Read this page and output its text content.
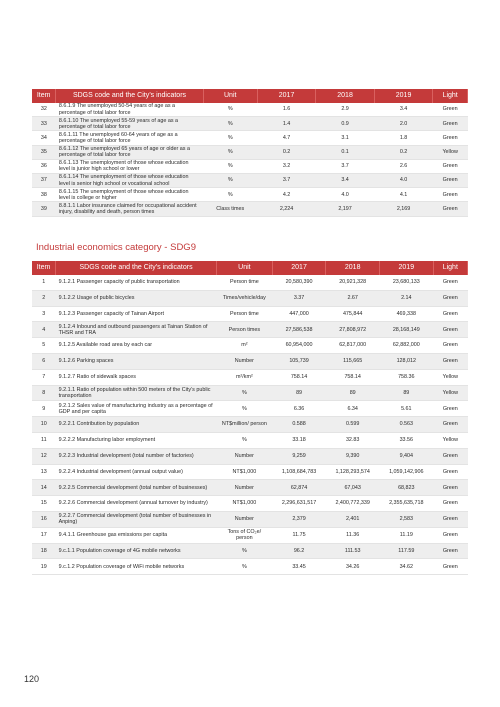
Item	SDGS code and the City’s indicators	Unit	2017	2018	2019	Light
32	8.6.1.9 The unemployed 50-54 years of age as a percentage of total labor force	%	1.6	2.9	3.4	Green
33	8.6.1.10 The unemployed 55-59 years of age as a percentage of total labor force	%	1.4	0.9	2.0	Green
34	8.6.1.11 The unemployed 60-64 years of age as a percentage of total labor force	%	4.7	3.1	1.8	Green
35	8.6.1.12 The unemployed 65 years of age or older as a percentage of total labor force	%	0.2	0.1	0.2	Yellow
36	8.6.1.13 The unemployment of those whose education level is junior high school or lower	%	3.2	3.7	2.6	Green
37	8.6.1.14 The unemployment of those whose education level is senior high school or vocational school	%	3.7	3.4	4.0	Green
38	8.6.1.15 The unemployment of those whose education level is college or higher	%	4.2	4.0	4.1	Green
39	8.8.1.1 Labor insurance claimed for occupational accident injury, disability and death, person times	Class times	2,224	2,197	2,169	Green
Industrial economics category - SDG9
Item	SDGS code and the City’s indicators	Unit	2017	2018	2019	Light
1	9.1.2.1 Passenger capacity of public transportation	Person time	20,580,390	20,921,328	23,680,133	Green
2	9.1.2.2 Usage of public bicycles	Times/vehicle/day	3.37	2.67	2.14	Green
3	9.1.2.3 Passenger capacity of Tainan Airport	Person time	447,000	475,844	469,338	Green
4	9.1.2.4 Inbound and outbound passengers at Tainan Station of THSR and TRA	Person times	27,586,538	27,808,972	28,168,149	Green
5	9.1.2.5 Available road area by each car	m²	60,954,000	62,817,000	62,882,000	Green
6	9.1.2.6 Parking spaces	Number	105,739	115,665	128,012	Green
7	9.1.2.7 Ratio of sidewalk spaces	m²/km²	758.14	758.14	758.36	Yellow
8	9.2.1.1 Ratio of population within 500 meters of the City’s public transportation	%	89	89	89	Yellow
9	9.2.1.2 Sales value of manufacturing industry as a percentage of GDP and per capita	%	6.36	6.34	5.61	Green
10	9.2.2.1 Contribution by population	NT$million/ person	0.588	0.599	0.563	Green
11	9.2.2.2 Manufacturing labor employment	%	33.18	32.83	33.56	Yellow
12	9.2.2.3 Industrial development (total number of factories)	Number	9,259	9,390	9,404	Green
13	9.2.2.4 Industrial development (annual output value)	NT$1,000	1,108,684,783	1,128,293,574	1,059,142,906	Green
14	9.2.2.5 Commercial development (total number of businesses)	Number	62,874	67,043	68,823	Green
15	9.2.2.6 Commercial development (annual turnover by industry)	NT$1,000	2,296,631,517	2,400,772,339	2,355,635,718	Green
16	9.2.2.7 Commercial development (total number of businesses in Anping)	Number	2,379	2,401	2,583	Green
17	9.4.1.1 Greenhouse gas emissions per capita	Tons of CO₂e/ person	11.75	11.36	11.19	Green
18	9.c.1.1 Population coverage of 4G mobile networks	%	96.2	111.53	117.59	Green
19	9.c.1.2 Population coverage of WiFi mobile networks	%	33.45	34.26	34.62	Green
120
